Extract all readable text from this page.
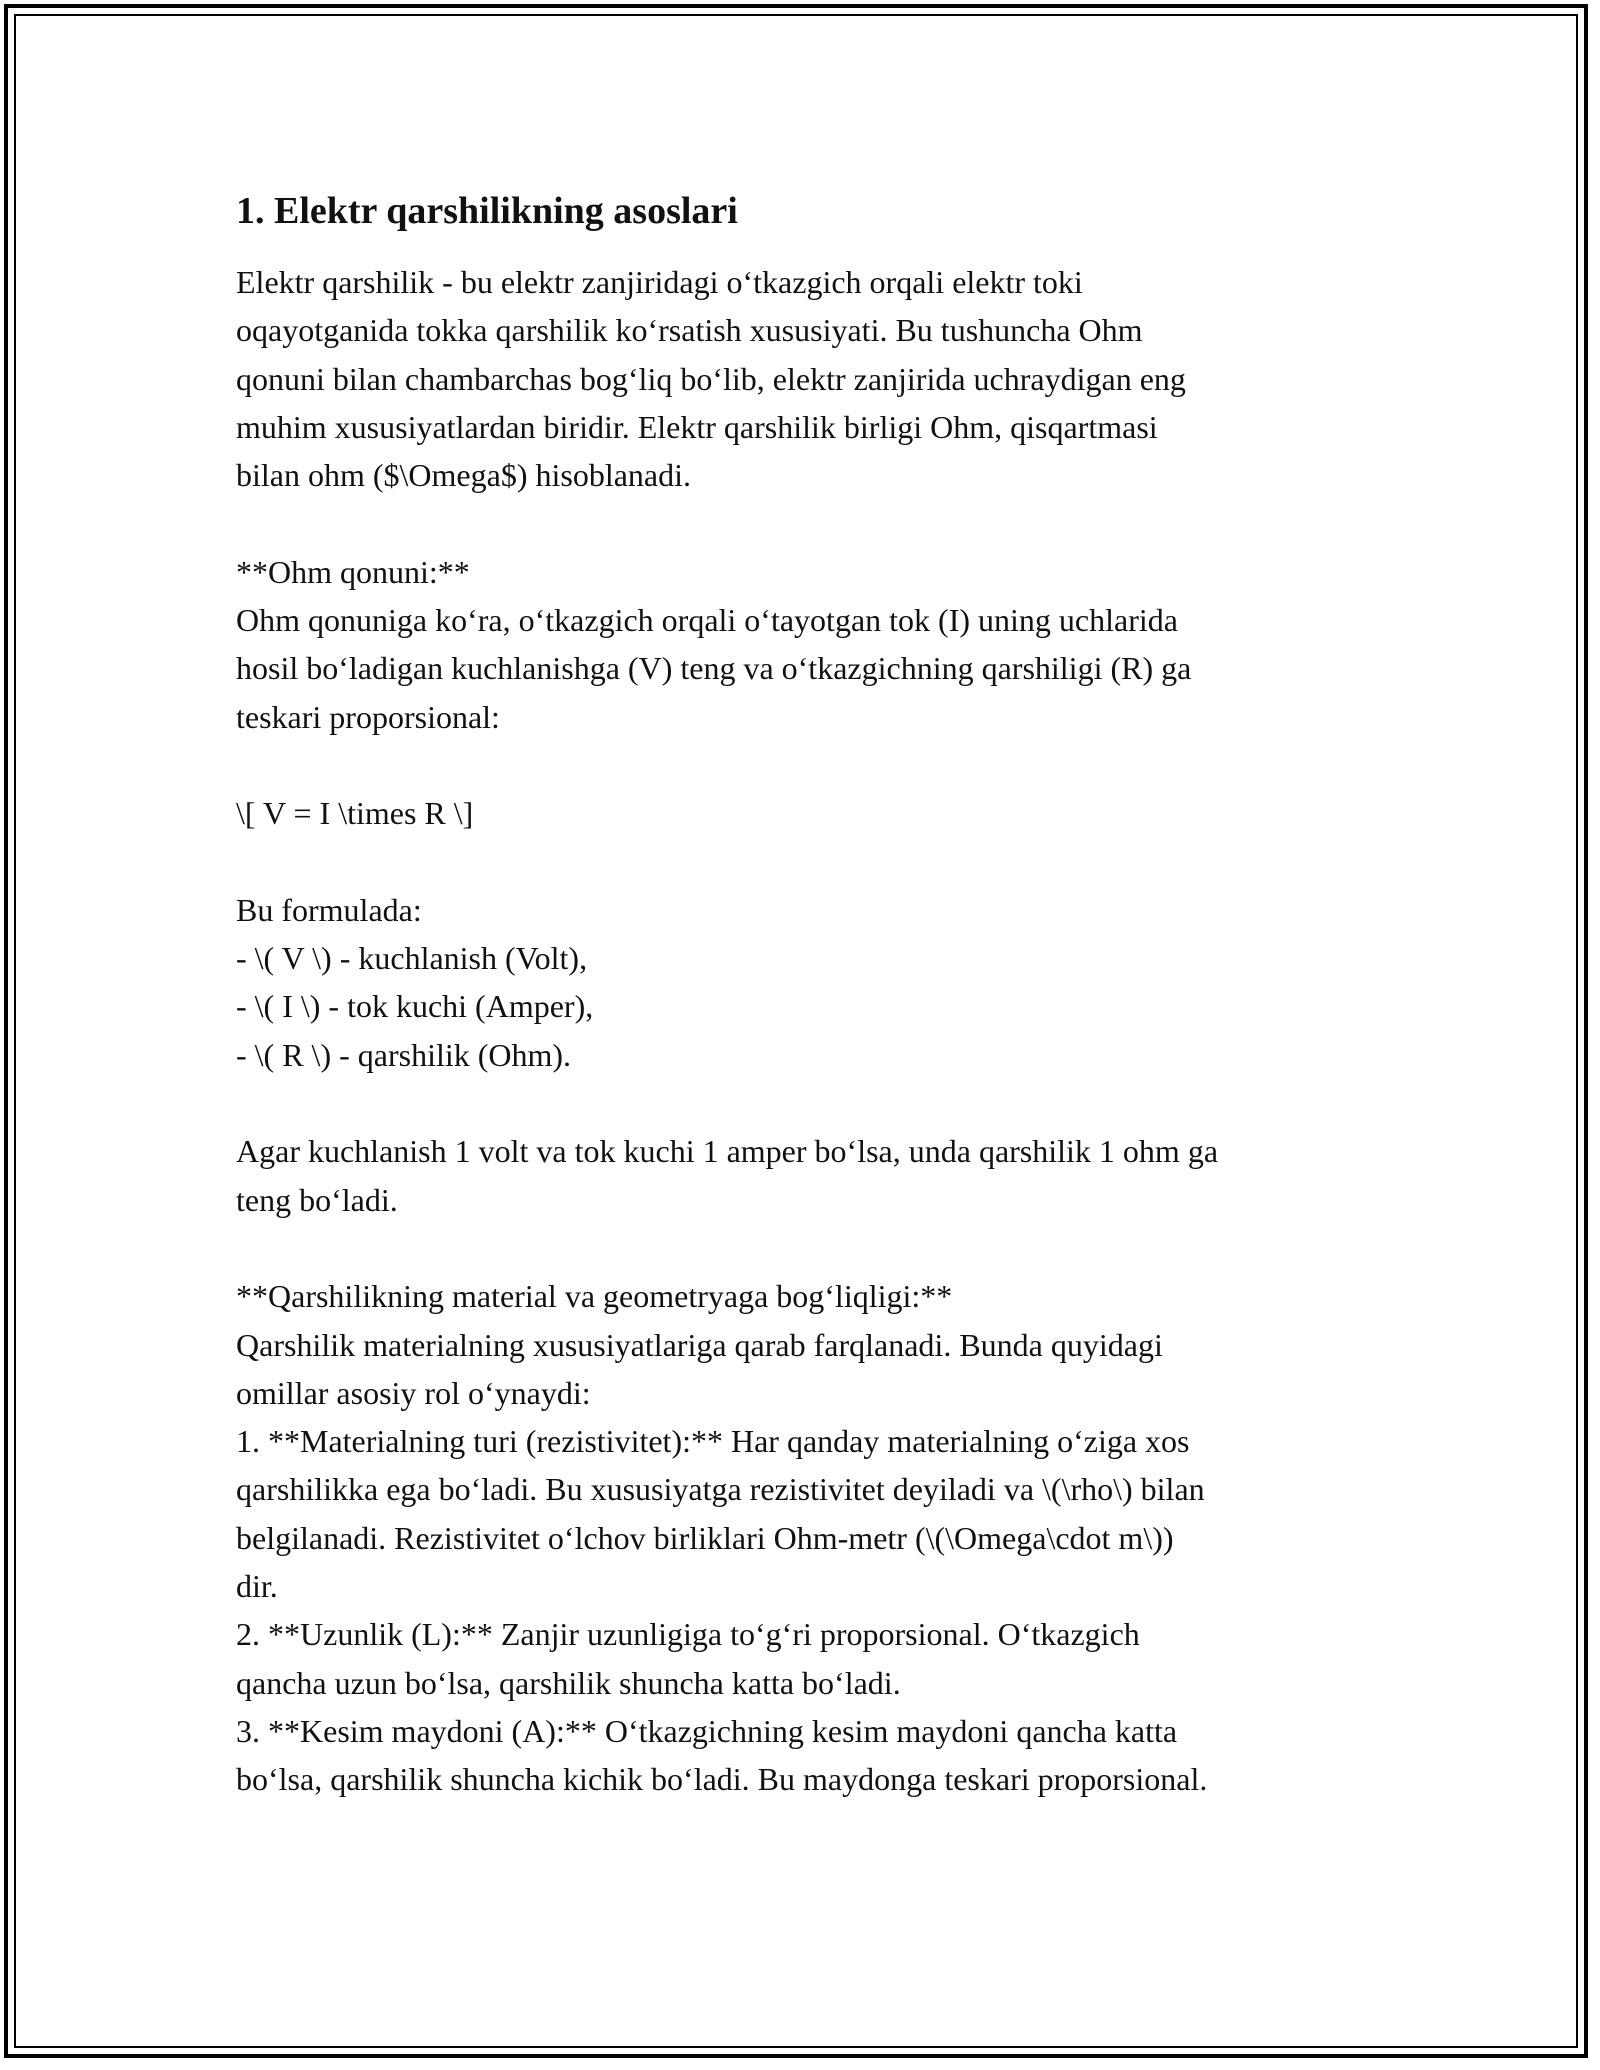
1. Elektr qarshilikning asoslari
Elektr qarshilik - bu elektr zanjiridagi o‘tkazgich orqali elektr toki
oqayotganida tokka qarshilik ko‘rsatish xususiyati. Bu tushuncha Ohm
qonuni bilan chambarchas bog‘liq bo‘lib, elektr zanjirida uchraydigan eng
muhim xususiyatlardan biridir. Elektr qarshilik birligi Ohm, qisqartmasi
bilan ohm ($\Omega$) hisoblanadi.
**Ohm qonuni:**
Ohm qonuniga ko‘ra, o‘tkazgich orqali o‘tayotgan tok (I) uning uchlarida
hosil bo‘ladigan kuchlanishga (V) teng va o‘tkazgichning qarshiligi (R) ga
teskari proporsional:
\[ V = I \times R \]
Bu formulada:
- \( V \) - kuchlanish (Volt),
- \( I \) - tok kuchi (Amper),
- \( R \) - qarshilik (Ohm).
Agar kuchlanish 1 volt va tok kuchi 1 amper bo‘lsa, unda qarshilik 1 ohm ga
teng bo‘ladi.
**Qarshilikning material va geometryaga bog‘liqligi:**
Qarshilik materialning xususiyatlariga qarab farqlanadi. Bunda quyidagi
omillar asosiy rol o‘ynaydi:
1. **Materialning turi (rezistivitet):** Har qanday materialning o‘ziga xos
qarshilikka ega bo‘ladi. Bu xususiyatga rezistivitet deyiladi va \(\rho\) bilan
belgilanadi. Rezistivitet o‘lchov birliklari Ohm-metr (\(\Omega\cdot m\))
dir.
2. **Uzunlik (L):** Zanjir uzunligiga to‘g‘ri proporsional. O‘tkazgich
qancha uzun bo‘lsa, qarshilik shuncha katta bo‘ladi.
3. **Kesim maydoni (A):** O‘tkazgichning kesim maydoni qancha katta
bo‘lsa, qarshilik shuncha kichik bo‘ladi. Bu maydonga teskari proporsional.
